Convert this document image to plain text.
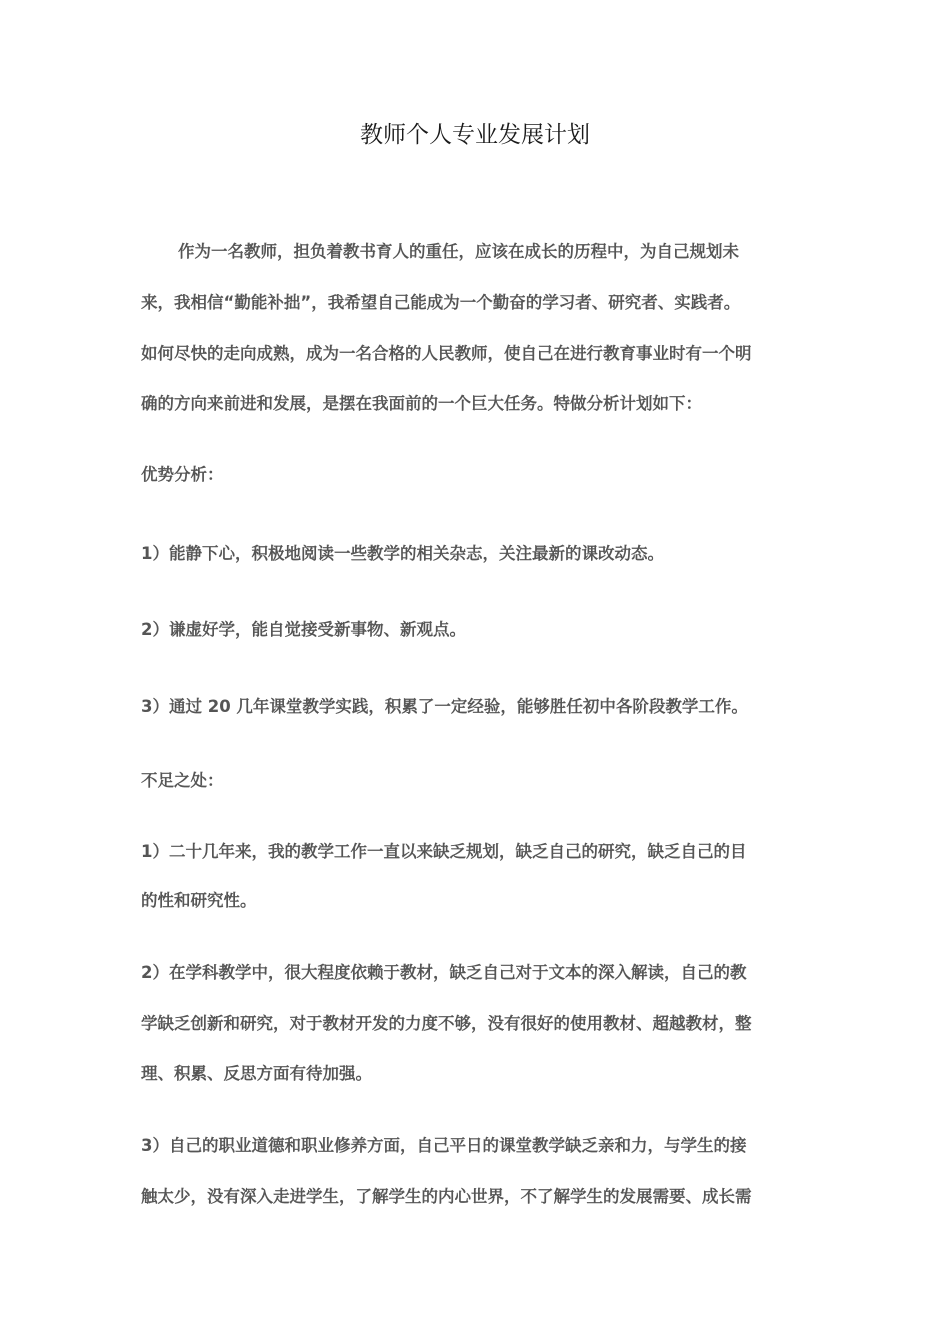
教师个人专业发展计划

作为一名教师，担负着教书育人的重任，应该在成长的历程中，为自己规划未

来，我相信“勤能补拙”，我希望自己能成为一个勤奋的学习者、研究者、实践者。

如何尽快的走向成熟，成为一名合格的人民教师，使自己在进行教育事业时有一个明

确的方向来前进和发展，是摆在我面前的一个巨大任务。特做分析计划如下：

优势分析：

1）能静下心，积极地阅读一些教学的相关杂志，关注最新的课改动态。

2）谦虚好学，能自觉接受新事物、新观点。

3）通过 20 几年课堂教学实践，积累了一定经验，能够胜任初中各阶段教学工作。

不足之处：

1）二十几年来，我的教学工作一直以来缺乏规划，缺乏自己的研究，缺乏自己的目

的性和研究性。

2）在学科教学中，很大程度依赖于教材，缺乏自己对于文本的深入解读，自己的教

学缺乏创新和研究，对于教材开发的力度不够，没有很好的使用教材、超越教材，整

理、积累、反思方面有待加强。

3）自己的职业道德和职业修养方面，自己平日的课堂教学缺乏亲和力，与学生的接

触太少，没有深入走进学生，了解学生的内心世界，不了解学生的发展需要、成长需
